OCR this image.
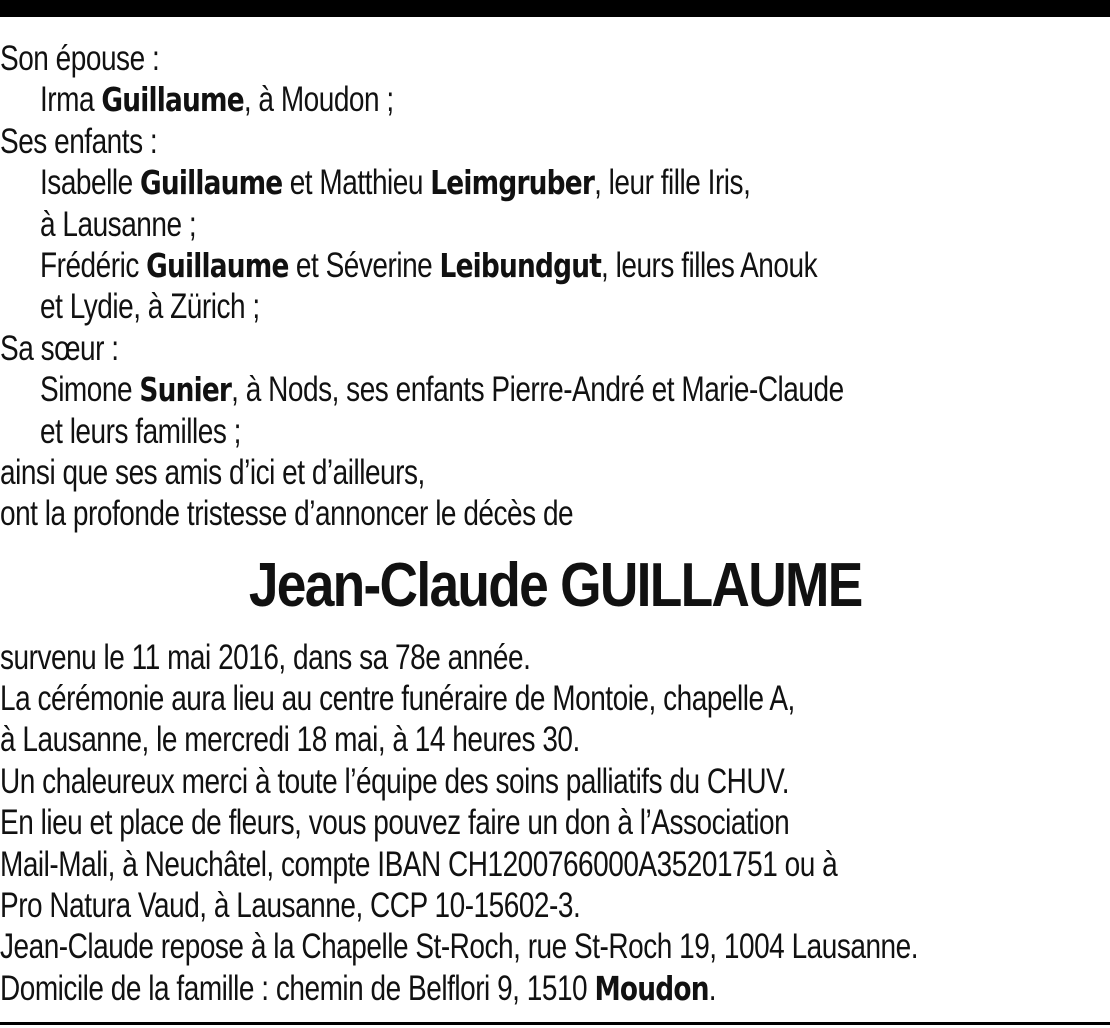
Son épouse :
Irma Guillaume, à Moudon ;
Ses enfants :
Isabelle Guillaume et Matthieu Leimgruber, leur fille Iris,
à Lausanne ;
Frédéric Guillaume et Séverine Leibundgut, leurs filles Anouk
et Lydie, à Zürich ;
Sa sœur :
Simone Sunier, à Nods, ses enfants Pierre-André et Marie-Claude
et leurs familles ;
ainsi que ses amis d’ici et d’ailleurs,
ont la profonde tristesse d’annoncer le décès de
Jean-Claude GUILLAUME
survenu le 11 mai 2016, dans sa 78e année.
La cérémonie aura lieu au centre funéraire de Montoie, chapelle A,
à Lausanne, le mercredi 18 mai, à 14 heures 30.
Un chaleureux merci à toute l’équipe des soins palliatifs du CHUV.
En lieu et place de fleurs, vous pouvez faire un don à l’Association
Mail-Mali, à Neuchâtel, compte IBAN CH1200766000A35201751 ou à
Pro Natura Vaud, à Lausanne, CCP 10-15602-3.
Jean-Claude repose à la Chapelle St-Roch, rue St-Roch 19, 1004 Lausanne.
Domicile de la famille : chemin de Belflori 9, 1510 Moudon.
